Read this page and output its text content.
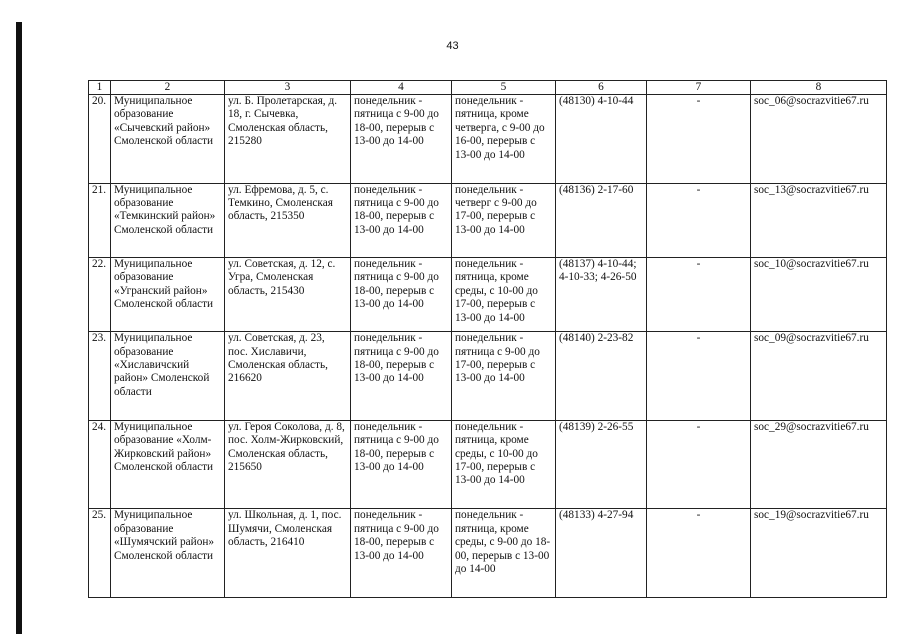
43
1	2	3	4	5	6	7	8
20.	Муниципальное образование «Сычевский район» Смоленской области	ул. Б. Пролетарская, д. 18, г. Сычевка, Смоленская область, 215280	понедельник - пятница с 9-00 до 18-00, перерыв с 13-00 до 14-00	понедельник - пятница, кроме четверга, с 9-00 до 16-00, перерыв с 13-00 до 14-00	(48130) 4-10-44	-	soc_06@socrazvitie67.ru
21.	Муниципальное образование «Темкинский район» Смоленской области	ул. Ефремова, д. 5, с. Темкино, Смоленская область, 215350	понедельник - пятница с 9-00 до 18-00, перерыв с 13-00 до 14-00	понедельник - четверг с 9-00 до 17-00, перерыв с 13-00 до 14-00	(48136) 2-17-60	-	soc_13@socrazvitie67.ru
22.	Муниципальное образование «Угранский район» Смоленской области	ул. Советская, д. 12, с. Угра, Смоленская область, 215430	понедельник - пятница с 9-00 до 18-00, перерыв с 13-00 до 14-00	понедельник - пятница, кроме среды, с 10-00 до 17-00, перерыв с 13-00 до 14-00	(48137) 4-10-44; 4-10-33; 4-26-50	-	soc_10@socrazvitie67.ru
23.	Муниципальное образование «Хиславичский район» Смоленской области	ул. Советская, д. 23, пос. Хиславичи, Смоленская область, 216620	понедельник - пятница с 9-00 до 18-00, перерыв с 13-00 до 14-00	понедельник - пятница с 9-00 до 17-00, перерыв с 13-00 до 14-00	(48140) 2-23-82	-	soc_09@socrazvitie67.ru
24.	Муниципальное образование «Холм-Жирковский район» Смоленской области	ул. Героя Соколова, д. 8, пос. Холм-Жирковский, Смоленская область, 215650	понедельник - пятница с 9-00 до 18-00, перерыв с 13-00 до 14-00	понедельник - пятница, кроме среды, с 10-00 до 17-00, перерыв с 13-00 до 14-00	(48139) 2-26-55	-	soc_29@socrazvitie67.ru
25.	Муниципальное образование «Шумячский район» Смоленской области	ул. Школьная, д. 1, пос. Шумячи, Смоленская область, 216410	понедельник - пятница с 9-00 до 18-00, перерыв с 13-00 до 14-00	понедельник - пятница, кроме среды, с 9-00 до 18-00, перерыв с 13-00 до 14-00	(48133) 4-27-94	-	soc_19@socrazvitie67.ru
